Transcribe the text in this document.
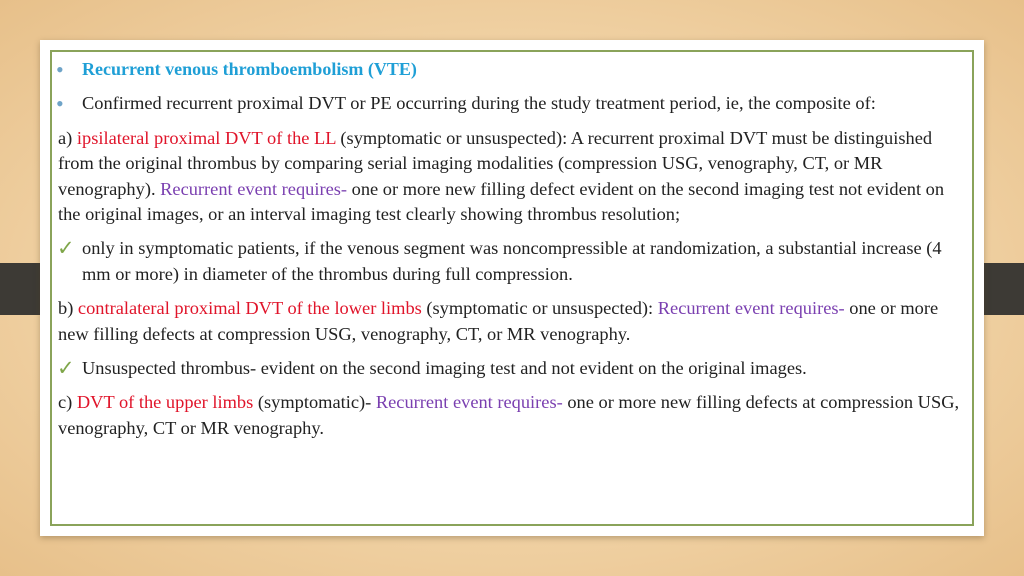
• Recurrent venous thromboembolism (VTE)
• Confirmed recurrent proximal DVT or PE occurring during the study treatment period, ie, the composite of:
a) ipsilateral proximal DVT of the LL (symptomatic or unsuspected): A recurrent proximal DVT must be distinguished from the original thrombus by comparing serial imaging modalities (compression USG, venography, CT, or MR venography). Recurrent event requires- one or more new filling defect evident on the second imaging test not evident on the original images, or an interval imaging test clearly showing thrombus resolution;
✓ only in symptomatic patients, if the venous segment was noncompressible at randomization, a substantial increase (4 mm or more) in diameter of the thrombus during full compression.
b) contralateral proximal DVT of the lower limbs (symptomatic or unsuspected): Recurrent event requires- one or more new filling defects at compression USG, venography, CT, or MR venography.
✓ Unsuspected thrombus- evident on the second imaging test and not evident on the original images.
c) DVT of the upper limbs (symptomatic)- Recurrent event requires- one or more new filling defects at compression USG, venography, CT or MR venography.
